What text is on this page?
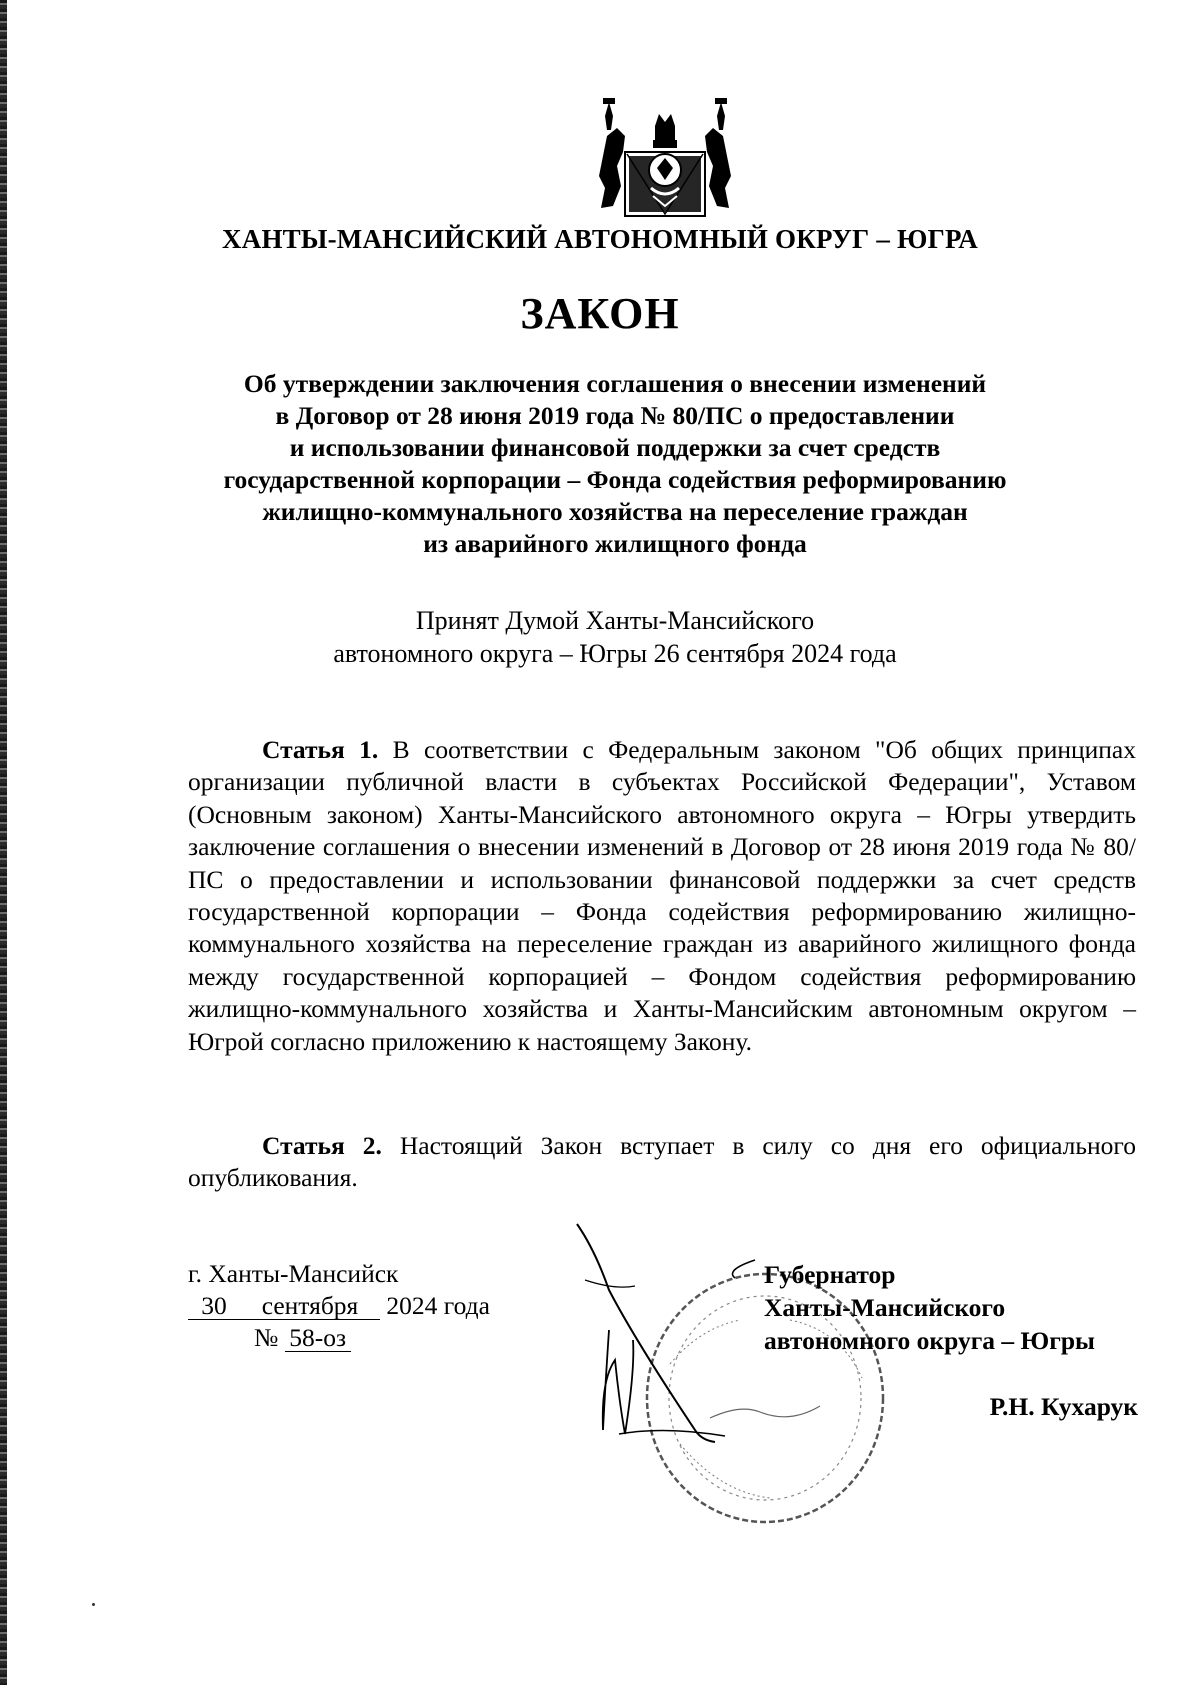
ХАНТЫ-МАНСИЙСКИЙ АВТОНОМНЫЙ ОКРУГ – ЮГРА
ЗАКОН
Об утверждении заключения соглашения о внесении изменений
в Договор от 28 июня 2019 года № 80/ПС о предоставлении
и использовании финансовой поддержки за счет средств
государственной корпорации – Фонда содействия реформированию
жилищно-коммунального хозяйства на переселение граждан
из аварийного жилищного фонда
Принят Думой Ханты-Мансийского
автономного округа – Югры 26 сентября 2024 года
Статья 1. В соответствии с Федеральным законом "Об общих принципах организации публичной власти в субъектах Российской Федерации", Уставом (Основным законом) Ханты-Мансийского автономного округа – Югры утвердить заключение соглашения о внесении изменений в Договор от 28 июня 2019 года № 80/ПС о предоставлении и использовании финансовой поддержки за счет средств государственной корпорации – Фонда содействия реформированию жилищно-коммунального хозяйства на переселение граждан из аварийного жилищного фонда между государственной корпорацией – Фондом содействия реформированию жилищно-коммунального хозяйства и Ханты-Мансийским автономным округом – Югрой согласно приложению к настоящему Закону.
Статья 2. Настоящий Закон вступает в силу со дня его официального опубликования.
г. Ханты-Мансийск
30 сентября 2024 года
№ 58-оз
Губернатор
Ханты-Мансийского
автономного округа – Югры
Р.Н. Кухарук
